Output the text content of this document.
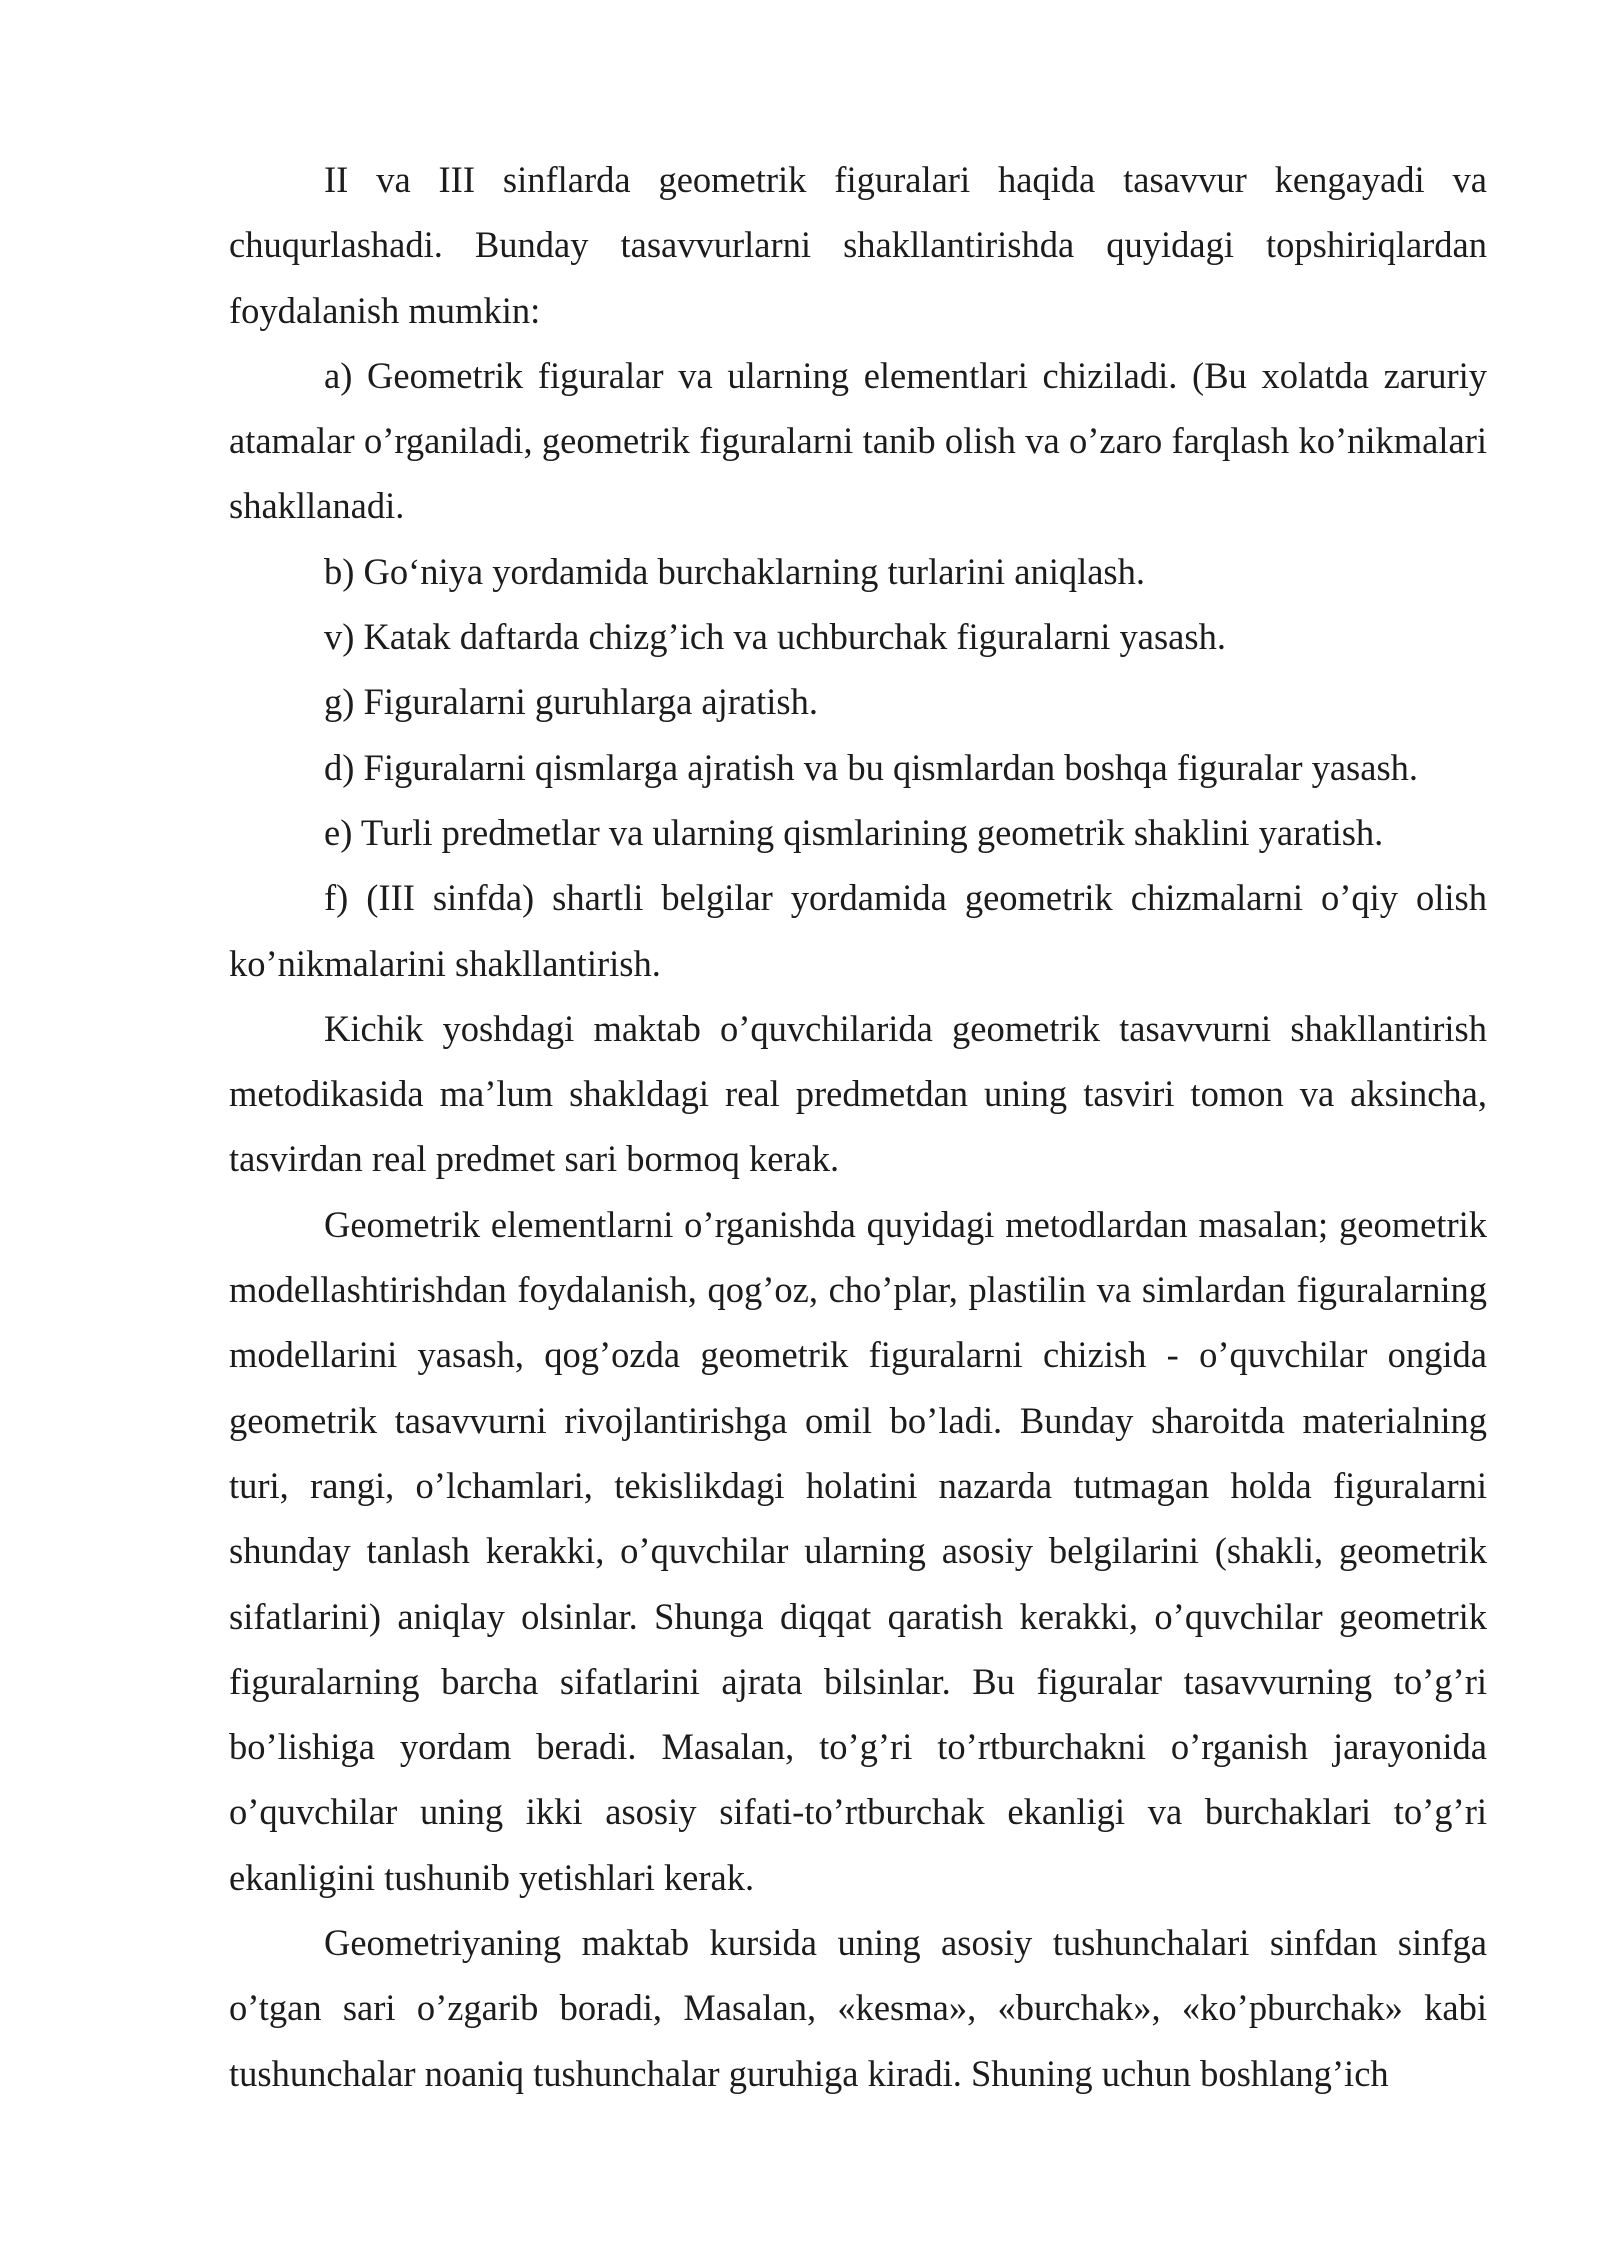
II va III sinflarda geometrik figuralari haqida tasavvur kengayadi va chuqurlashadi. Bunday tasavvurlarni shakllantirishda quyidagi topshiriqlardan foydalanish mumkin:

a) Geometrik figuralar va ularning elementlari chiziladi. (Bu xolatda zaruriy atamalar o’rganiladi, geometrik figuralarni tanib olish va o’zaro farqlash ko’nikmalari shakllanadi.

b) Go‘niya yordamida burchaklarning turlarini aniqlash.

v) Katak daftarda chizg’ich va uchburchak figuralarni yasash.

g) Figuralarni guruhlarga ajratish.

d) Figuralarni qismlarga ajratish va bu qismlardan boshqa figuralar yasash.

e) Turli predmetlar va ularning qismlarining geometrik shaklini yaratish.

f) (III sinfda) shartli belgilar yordamida geometrik chizmalarni o’qiy olish ko’nikmalarini shakllantirish.

Kichik yoshdagi maktab o’quvchilarida geometrik tasavvurni shakllantirish metodikasida ma’lum shakldagi real predmetdan uning tasviri tomon va aksincha, tasvirdan real predmet sari bormoq kerak.

Geometrik elementlarni o’rganishda quyidagi metodlardan masalan; geometrik modellashtirishdan foydalanish, qog’oz, cho’plar, plastilin va simlardan figuralarning modellarini yasash, qog’ozda geometrik figuralarni chizish - o’quvchilar ongida geometrik tasavvurni rivojlantirishga omil bo’ladi. Bunday sharoitda materialning turi, rangi, o’lchamlari, tekislikdagi holatini nazarda tutmagan holda figuralarni shunday tanlash kerakki, o’quvchilar ularning asosiy belgilarini (shakli, geometrik sifatlarini) aniqlay olsinlar. Shunga diqqat qaratish kerakki, o’quvchilar geometrik figuralarning barcha sifatlarini ajrata bilsinlar. Bu figuralar tasavvurning to’g’ri bo’lishiga yordam beradi. Masalan, to’g’ri to’rtburchakni o’rganish jarayonida o’quvchilar uning ikki asosiy sifati-to’rtburchak ekanligi va burchaklari to’g’ri ekanligini tushunib yetishlari kerak.

Geometriyaning maktab kursida uning asosiy tushunchalari sinfdan sinfga o’tgan sari o’zgarib boradi, Masalan, «kesma», «burchak», «ko’pburchak» kabi tushunchalar noaniq tushunchalar guruhiga kiradi. Shuning uchun boshlang’ich
